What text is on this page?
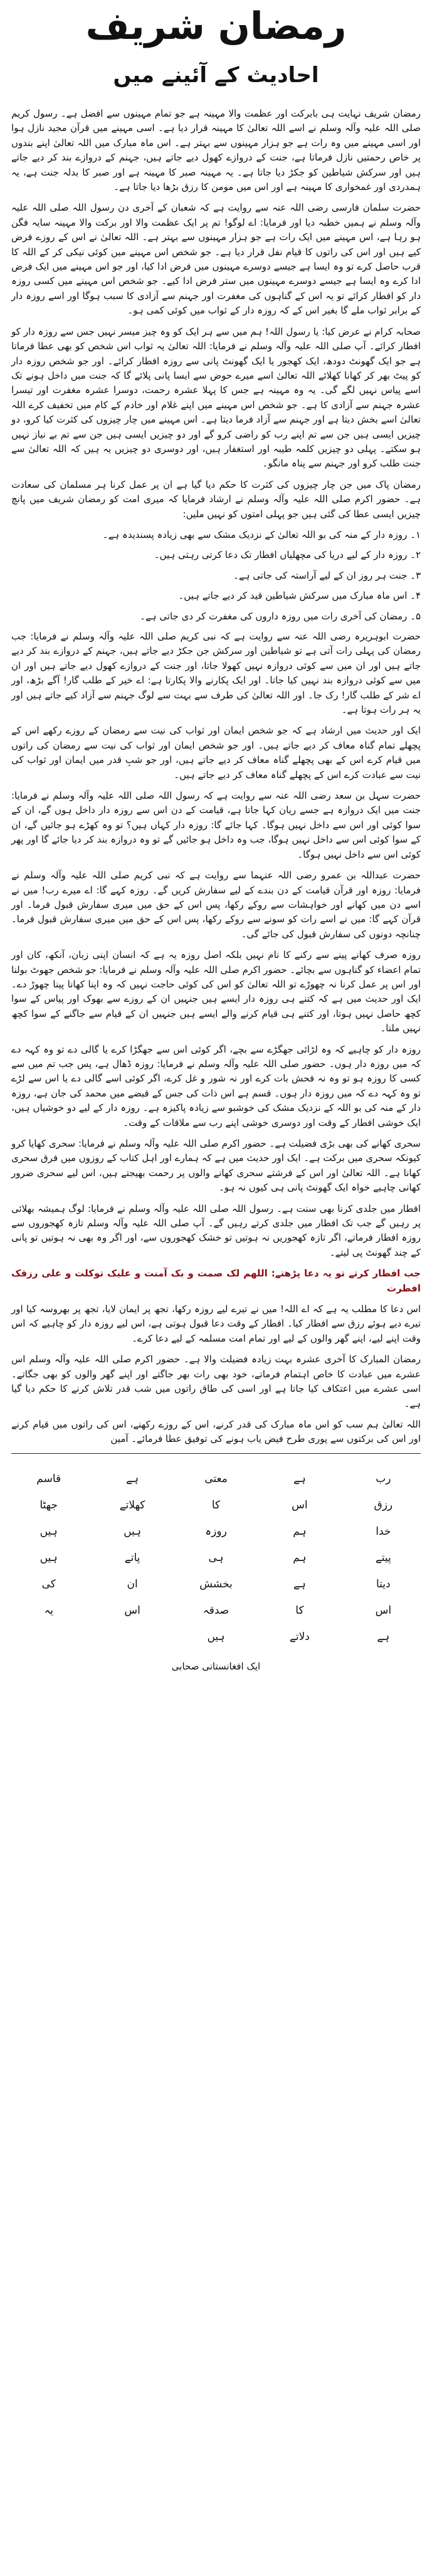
رمضان شریف
احادیث کے آئینے میں

رمضان شریف نہایت ہی بابرکت اور عظمت والا مہینہ ہے جو تمام مہینوں سے افضل ہے۔ رسول کریم صلی اللہ علیہ وآلہ وسلم نے اسے اللہ تعالیٰ کا مہینہ قرار دیا ہے۔ اسی مہینے میں قرآن مجید نازل ہوا اور اسی مہینے میں وہ رات ہے جو ہزار مہینوں سے بہتر ہے۔ اس ماہ مبارک میں اللہ تعالیٰ اپنے بندوں پر خاص رحمتیں نازل فرماتا ہے، جنت کے دروازے کھول دیے جاتے ہیں، جہنم کے دروازے بند کر دیے جاتے ہیں اور سرکش شیاطین کو جکڑ دیا جاتا ہے۔ یہ مہینہ صبر کا مہینہ ہے اور صبر کا بدلہ جنت ہے، یہ ہمدردی اور غمخواری کا مہینہ ہے اور اس میں مومن کا رزق بڑھا دیا جاتا ہے۔

حضرت سلمان فارسی رضی اللہ عنہ سے روایت ہے کہ شعبان کے آخری دن رسول اللہ صلی اللہ علیہ وآلہ وسلم نے ہمیں خطبہ دیا اور فرمایا: اے لوگو! تم پر ایک عظمت والا اور برکت والا مہینہ سایہ فگن ہو رہا ہے، اس مہینے میں ایک رات ہے جو ہزار مہینوں سے بہتر ہے۔ اللہ تعالیٰ نے اس کے روزے فرض کیے ہیں اور اس کی راتوں کا قیام نفل قرار دیا ہے۔ جو شخص اس مہینے میں کوئی نیکی کر کے اللہ کا قرب حاصل کرے تو وہ ایسا ہے جیسے دوسرے مہینوں میں فرض ادا کیا، اور جو اس مہینے میں ایک فرض ادا کرے وہ ایسا ہے جیسے دوسرے مہینوں میں ستر فرض ادا کیے۔ جو شخص اس مہینے میں کسی روزہ دار کو افطار کرائے تو یہ اس کے گناہوں کی مغفرت اور جہنم سے آزادی کا سبب ہوگا اور اسے روزہ دار کے برابر ثواب ملے گا بغیر اس کے کہ روزہ دار کے ثواب میں کوئی کمی ہو۔

صحابہ کرام نے عرض کیا: یا رسول اللہ! ہم میں سے ہر ایک کو وہ چیز میسر نہیں جس سے روزہ دار کو افطار کرائے۔ آپ صلی اللہ علیہ وآلہ وسلم نے فرمایا: اللہ تعالیٰ یہ ثواب اس شخص کو بھی عطا فرماتا ہے جو ایک گھونٹ دودھ، ایک کھجور یا ایک گھونٹ پانی سے روزہ افطار کرائے۔ اور جو شخص روزہ دار کو پیٹ بھر کر کھانا کھلائے اللہ تعالیٰ اسے میرے حوض سے ایسا پانی پلائے گا کہ جنت میں داخل ہونے تک اسے پیاس نہیں لگے گی۔ یہ وہ مہینہ ہے جس کا پہلا عشرہ رحمت، دوسرا عشرہ مغفرت اور تیسرا عشرہ جہنم سے آزادی کا ہے۔ جو شخص اس مہینے میں اپنے غلام اور خادم کے کام میں تخفیف کرے اللہ تعالیٰ اسے بخش دیتا ہے اور جہنم سے آزاد فرما دیتا ہے۔ اس مہینے میں چار چیزوں کی کثرت کیا کرو، دو چیزیں ایسی ہیں جن سے تم اپنے رب کو راضی کرو گے اور دو چیزیں ایسی ہیں جن سے تم بے نیاز نہیں ہو سکتے۔ پہلی دو چیزیں کلمہ طیبہ اور استغفار ہیں، اور دوسری دو چیزیں یہ ہیں کہ اللہ تعالیٰ سے جنت طلب کرو اور جہنم سے پناہ مانگو۔

رمضان پاک میں جن چار چیزوں کی کثرت کا حکم دیا گیا ہے ان پر عمل کرنا ہر مسلمان کی سعادت ہے۔ حضور اکرم صلی اللہ علیہ وآلہ وسلم نے ارشاد فرمایا کہ میری امت کو رمضان شریف میں پانچ چیزیں ایسی عطا کی گئی ہیں جو پہلی امتوں کو نہیں ملیں:

۱۔ روزہ دار کے منہ کی بو اللہ تعالیٰ کے نزدیک مشک سے بھی زیادہ پسندیدہ ہے۔

۲۔ روزہ دار کے لیے دریا کی مچھلیاں افطار تک دعا کرتی رہتی ہیں۔

۳۔ جنت ہر روز ان کے لیے آراستہ کی جاتی ہے۔

۴۔ اس ماہ مبارک میں سرکش شیاطین قید کر دیے جاتے ہیں۔

۵۔ رمضان کی آخری رات میں روزہ داروں کی مغفرت کر دی جاتی ہے۔

حضرت ابوہریرہ رضی اللہ عنہ سے روایت ہے کہ نبی کریم صلی اللہ علیہ وآلہ وسلم نے فرمایا: جب رمضان کی پہلی رات آتی ہے تو شیاطین اور سرکش جن جکڑ دیے جاتے ہیں، جہنم کے دروازے بند کر دیے جاتے ہیں اور ان میں سے کوئی دروازہ نہیں کھولا جاتا، اور جنت کے دروازے کھول دیے جاتے ہیں اور ان میں سے کوئی دروازہ بند نہیں کیا جاتا۔ اور ایک پکارنے والا پکارتا ہے: اے خیر کے طلب گار! آگے بڑھ، اور اے شر کے طلب گار! رک جا۔ اور اللہ تعالیٰ کی طرف سے بہت سے لوگ جہنم سے آزاد کیے جاتے ہیں اور یہ ہر رات ہوتا ہے۔

ایک اور حدیث میں ارشاد ہے کہ جو شخص ایمان اور ثواب کی نیت سے رمضان کے روزے رکھے اس کے پچھلے تمام گناہ معاف کر دیے جاتے ہیں۔ اور جو شخص ایمان اور ثواب کی نیت سے رمضان کی راتوں میں قیام کرے اس کے بھی پچھلے گناہ معاف کر دیے جاتے ہیں، اور جو شبِ قدر میں ایمان اور ثواب کی نیت سے عبادت کرے اس کے پچھلے گناہ معاف کر دیے جاتے ہیں۔

حضرت سہل بن سعد رضی اللہ عنہ سے روایت ہے کہ رسول اللہ صلی اللہ علیہ وآلہ وسلم نے فرمایا: جنت میں ایک دروازہ ہے جسے ریان کہا جاتا ہے، قیامت کے دن اس سے روزہ دار داخل ہوں گے، ان کے سوا کوئی اور اس سے داخل نہیں ہوگا۔ کہا جائے گا: روزہ دار کہاں ہیں؟ تو وہ کھڑے ہو جائیں گے، ان کے سوا کوئی اس سے داخل نہیں ہوگا، جب وہ داخل ہو جائیں گے تو وہ دروازہ بند کر دیا جائے گا اور پھر کوئی اس سے داخل نہیں ہوگا۔

حضرت عبداللہ بن عمرو رضی اللہ عنہما سے روایت ہے کہ نبی کریم صلی اللہ علیہ وآلہ وسلم نے فرمایا: روزہ اور قرآن قیامت کے دن بندے کے لیے سفارش کریں گے۔ روزہ کہے گا: اے میرے رب! میں نے اسے دن میں کھانے اور خواہشات سے روکے رکھا، پس اس کے حق میں میری سفارش قبول فرما۔ اور قرآن کہے گا: میں نے اسے رات کو سونے سے روکے رکھا، پس اس کے حق میں میری سفارش قبول فرما۔ چنانچہ دونوں کی سفارش قبول کی جائے گی۔

روزہ صرف کھانے پینے سے رکنے کا نام نہیں بلکہ اصل روزہ یہ ہے کہ انسان اپنی زبان، آنکھ، کان اور تمام اعضاء کو گناہوں سے بچائے۔ حضور اکرم صلی اللہ علیہ وآلہ وسلم نے فرمایا: جو شخص جھوٹ بولنا اور اس پر عمل کرنا نہ چھوڑے تو اللہ تعالیٰ کو اس کی کوئی حاجت نہیں کہ وہ اپنا کھانا پینا چھوڑ دے۔ ایک اور حدیث میں ہے کہ کتنے ہی روزہ دار ایسے ہیں جنہیں ان کے روزے سے بھوک اور پیاس کے سوا کچھ حاصل نہیں ہوتا، اور کتنے ہی قیام کرنے والے ایسے ہیں جنہیں ان کے قیام سے جاگنے کے سوا کچھ نہیں ملتا۔

روزہ دار کو چاہیے کہ وہ لڑائی جھگڑے سے بچے، اگر کوئی اس سے جھگڑا کرے یا گالی دے تو وہ کہہ دے کہ میں روزہ دار ہوں۔ حضور صلی اللہ علیہ وآلہ وسلم نے فرمایا: روزہ ڈھال ہے، پس جب تم میں سے کسی کا روزہ ہو تو وہ نہ فحش بات کرے اور نہ شور و غل کرے، اگر کوئی اسے گالی دے یا اس سے لڑے تو وہ کہہ دے کہ میں روزہ دار ہوں۔ قسم ہے اس ذات کی جس کے قبضے میں محمد کی جان ہے، روزہ دار کے منہ کی بو اللہ کے نزدیک مشک کی خوشبو سے زیادہ پاکیزہ ہے۔ روزہ دار کے لیے دو خوشیاں ہیں، ایک خوشی افطار کے وقت اور دوسری خوشی اپنے رب سے ملاقات کے وقت۔

سحری کھانے کی بھی بڑی فضیلت ہے۔ حضور اکرم صلی اللہ علیہ وآلہ وسلم نے فرمایا: سحری کھایا کرو کیونکہ سحری میں برکت ہے۔ ایک اور حدیث میں ہے کہ ہمارے اور اہل کتاب کے روزوں میں فرق سحری کھانا ہے۔ اللہ تعالیٰ اور اس کے فرشتے سحری کھانے والوں پر رحمت بھیجتے ہیں، اس لیے سحری ضرور کھانی چاہیے خواہ ایک گھونٹ پانی ہی کیوں نہ ہو۔

افطار میں جلدی کرنا بھی سنت ہے۔ رسول اللہ صلی اللہ علیہ وآلہ وسلم نے فرمایا: لوگ ہمیشہ بھلائی پر رہیں گے جب تک افطار میں جلدی کرتے رہیں گے۔ آپ صلی اللہ علیہ وآلہ وسلم تازہ کھجوروں سے روزہ افطار فرماتے، اگر تازہ کھجوریں نہ ہوتیں تو خشک کھجوروں سے، اور اگر وہ بھی نہ ہوتیں تو پانی کے چند گھونٹ پی لیتے۔

جب افطار کرتے تو یہ دعا پڑھتے: اللھم لک صمت و بک آمنت و علیک توکلت و علی رزقک افطرت

اس دعا کا مطلب یہ ہے کہ اے اللہ! میں نے تیرے لیے روزہ رکھا، تجھ پر ایمان لایا، تجھ پر بھروسہ کیا اور تیرے دیے ہوئے رزق سے افطار کیا۔ افطار کے وقت دعا قبول ہوتی ہے، اس لیے روزہ دار کو چاہیے کہ اس وقت اپنے لیے، اپنے گھر والوں کے لیے اور تمام امت مسلمہ کے لیے دعا کرے۔

رمضان المبارک کا آخری عشرہ بہت زیادہ فضیلت والا ہے۔ حضور اکرم صلی اللہ علیہ وآلہ وسلم اس عشرے میں عبادت کا خاص اہتمام فرماتے، خود بھی رات بھر جاگتے اور اپنے گھر والوں کو بھی جگاتے۔ اسی عشرے میں اعتکاف کیا جاتا ہے اور اسی کی طاق راتوں میں شب قدر تلاش کرنے کا حکم دیا گیا ہے۔

اللہ تعالیٰ ہم سب کو اس ماہ مبارک کی قدر کرنے، اس کے روزے رکھنے، اس کی راتوں میں قیام کرنے اور اس کی برکتوں سے پوری طرح فیض یاب ہونے کی توفیق عطا فرمائے۔ آمین

رب
ہے
معتی
ہے
قاسم
رزق
اس
کا
کھلاتے
جھٹا
خدا
ہم
روزہ
ہیں
ہیں
پیتے
ہم
ہی
پاتے
ہیں
دیتا
ہے
بخشش
ان
کی
اس
کا
صدقہ
اس
یہ
ہے
دلاتے
ہیں
ایک افغانستانی صحابی
